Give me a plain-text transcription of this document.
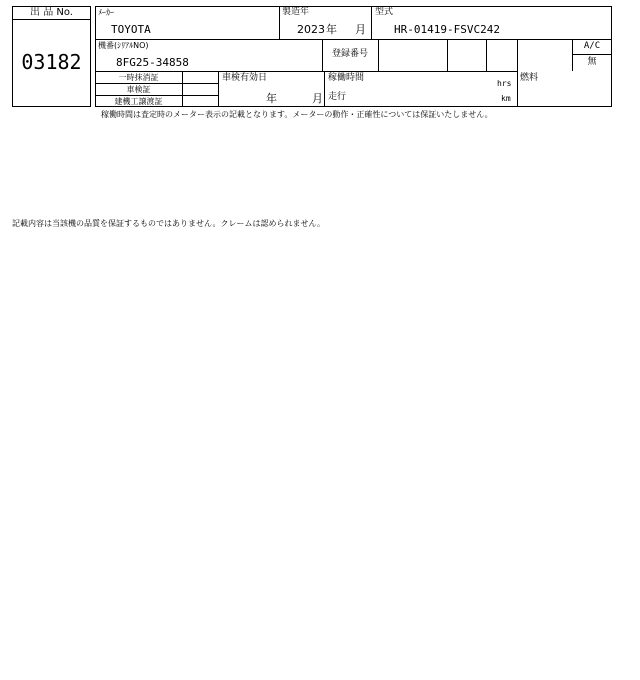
出 品 No.
03182
ﾒｰｶｰ
TOYOTA
製造年
2023 年 月
型式
HR-01419-FSVC242
機番(ｼﾘｱﾙNO)
8FG25-34858
登録番号
A/C
無
一時抹消証
車検証
建機工譲渡証
車検有効日
年	月
稼働時間
hrs
走行	km
燃料
稼働時間は査定時のメーター表示の記載となります。メーターの動作・正確性については保証いたしません。
記載内容は当該機の品質を保証するものではありません。クレームは認められません。
